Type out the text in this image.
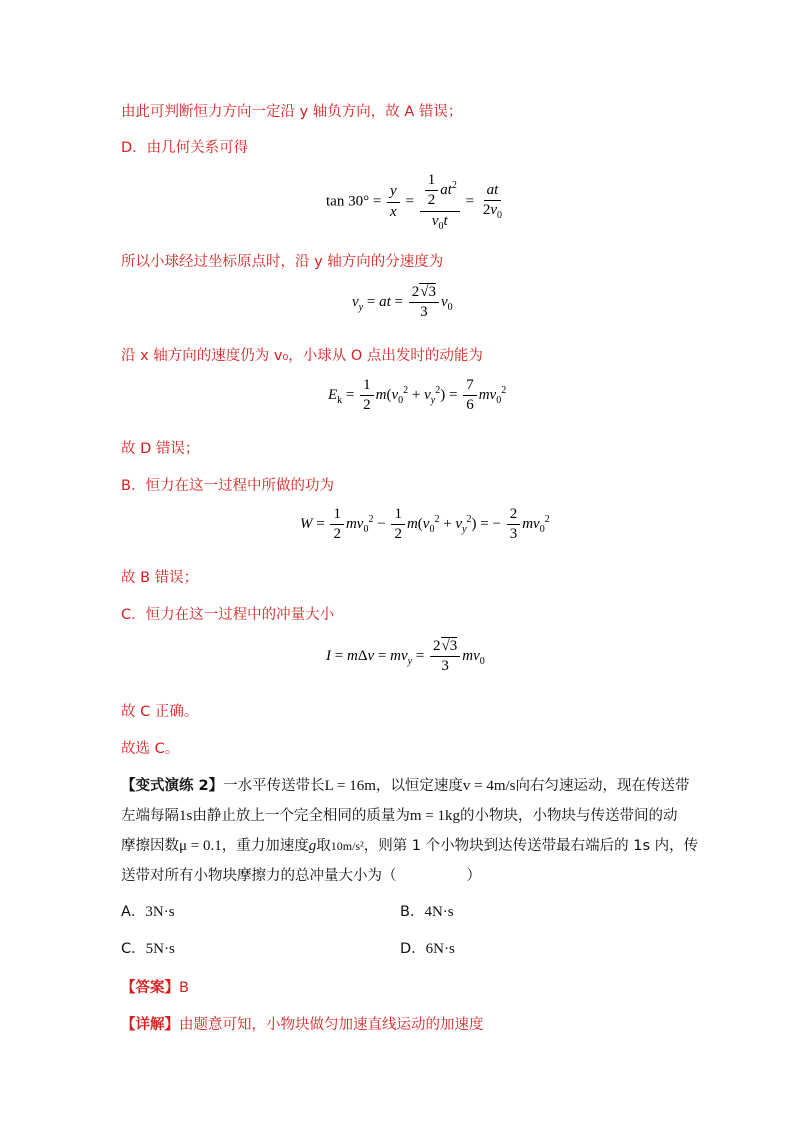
由此可判断恒力方向一定沿 y 轴负方向，故 A 错误；
D．由几何关系可得
$\tan 30^\circ = \frac{y}{x} = \frac{\frac{1}{2} at^2}{v_0t} = \frac{at}{2v_0}$
所以小球经过坐标原点时，沿 y 轴方向的分速度为
$v_y$ = at = $\frac{2√3}{3} v_0$
沿 x 轴方向的速度仍为 v₀，小球从 O 点出发时的动能为
$E_k = \frac{1}{2} m(v_0^2 + v_y^2) = \frac{7}{6} mv_0^2$
故 D 错误；
B．恒力在这一过程中所做的功为
$W = \frac{1}{2} mv_0^2 - \frac{1}{2} m(v_0^2 + v_y^2)$ = − $\frac{2}{3} mv_0^2$
故 B 错误；
C．恒力在这一过程中的冲量大小
$I = m\Delta v = mv_y = \frac{2√3}{3} mv_0$
故 C 正确。
故选 C。
【变式演练 2】一水平传送带长L = 16m，以恒定速度v = 4m/s向右匀速运动，现在传送带
左端每隔1s由静止放上一个完全相同的质量为m = 1kg的小物块，小物块与传送带间的动
摩擦因数μ = 0.1，重力加速度g取10m/s²，则第 1 个小物块到达传送带最右端后的 1s 内，传
送带对所有小物块摩擦力的总冲量大小为（	）
A．3N·s	B．4N·s
C．5N·s	D．6N·s
【答案】B
【详解】由题意可知，小物块做匀加速直线运动的加速度
